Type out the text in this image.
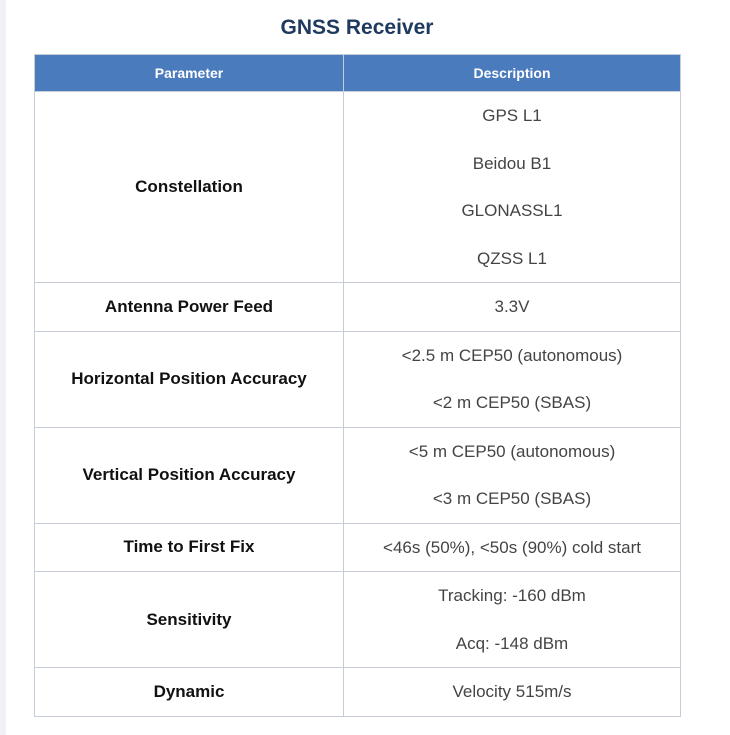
GNSS Receiver
Parameter	Description
Constellation	GPS L1
Beidou B1
GLONASSL1
QZSS L1

Antenna Power Feed	3.3V

Horizontal Position Accuracy	<2.5 m CEP50 (autonomous)
<2 m CEP50 (SBAS)

Vertical Position Accuracy	<5 m CEP50 (autonomous)
<3 m CEP50 (SBAS)

Time to First Fix	<46s (50%), <50s (90%) cold start

Sensitivity	Tracking: -160 dBm
Acq: -148 dBm

Dynamic	Velocity 515m/s
